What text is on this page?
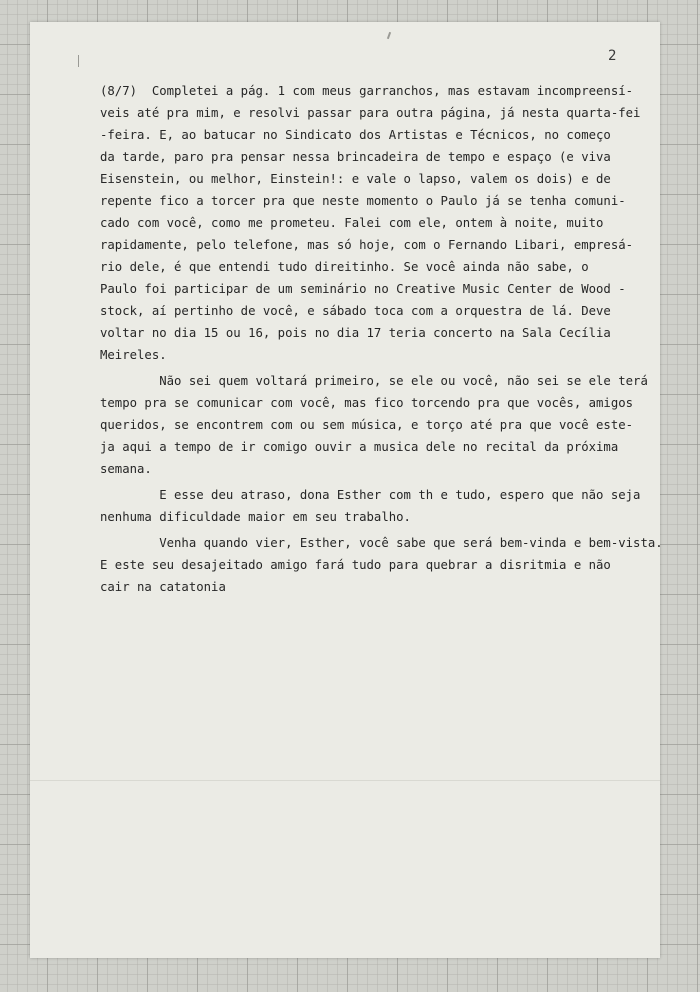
2
(8/7)  Completei a pág. 1 com meus garranchos, mas estavam incompreensí-
veis até pra mim, e resolvi passar para outra página, já nesta quarta-fei
-feira. E, ao batucar no Sindicato dos Artistas e Técnicos, no começo
da tarde, paro pra pensar nessa brincadeira de tempo e espaço (e viva
Eisenstein, ou melhor, Einstein!: e vale o lapso, valem os dois) e de
repente fico a torcer pra que neste momento o Paulo já se tenha comuni-
cado com você, como me prometeu. Falei com ele, ontem à noite, muito
rapidamente, pelo telefone, mas só hoje, com o Fernando Libari, empresá-
rio dele, é que entendi tudo direitinho. Se você ainda não sabe, o
Paulo foi participar de um seminário no Creative Music Center de Wood -
stock, aí pertinho de você, e sábado toca com a orquestra de lá. Deve
voltar no dia 15 ou 16, pois no dia 17 teria concerto na Sala Cecília
Meireles.
Não sei quem voltará primeiro, se ele ou você, não sei se ele terá
tempo pra se comunicar com você, mas fico torcendo pra que vocês, amigos
queridos, se encontrem com ou sem música, e torço até pra que você este-
ja aqui a tempo de ir comigo ouvir a musica dele no recital da próxima
semana.
E esse deu atraso, dona Esther com th e tudo, espero que não seja
nenhuma dificuldade maior em seu trabalho.
Venha quando vier, Esther, você sabe que será bem-vinda e bem-vista.
E este seu desajeitado amigo fará tudo para quebrar a disritmia e não
cair na catatonia
